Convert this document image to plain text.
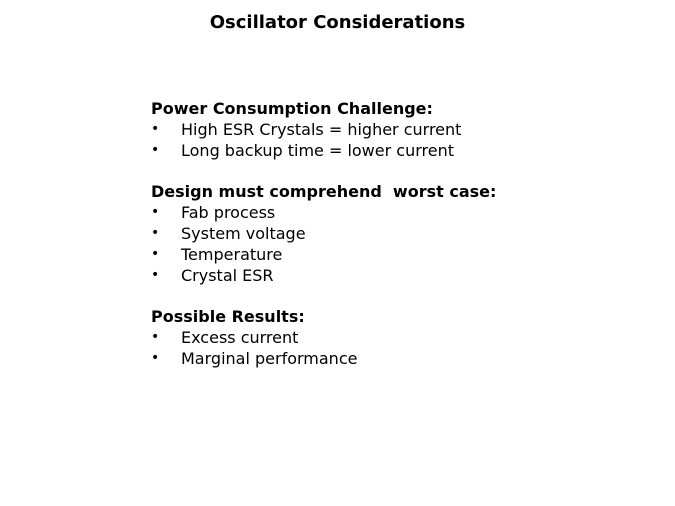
Oscillator Considerations
Power Consumption Challenge:
• High ESR Crystals = higher current
• Long backup time = lower current
Design must comprehend  worst case:
• Fab process
• System voltage
• Temperature
• Crystal ESR
Possible Results:
• Excess current
• Marginal performance
